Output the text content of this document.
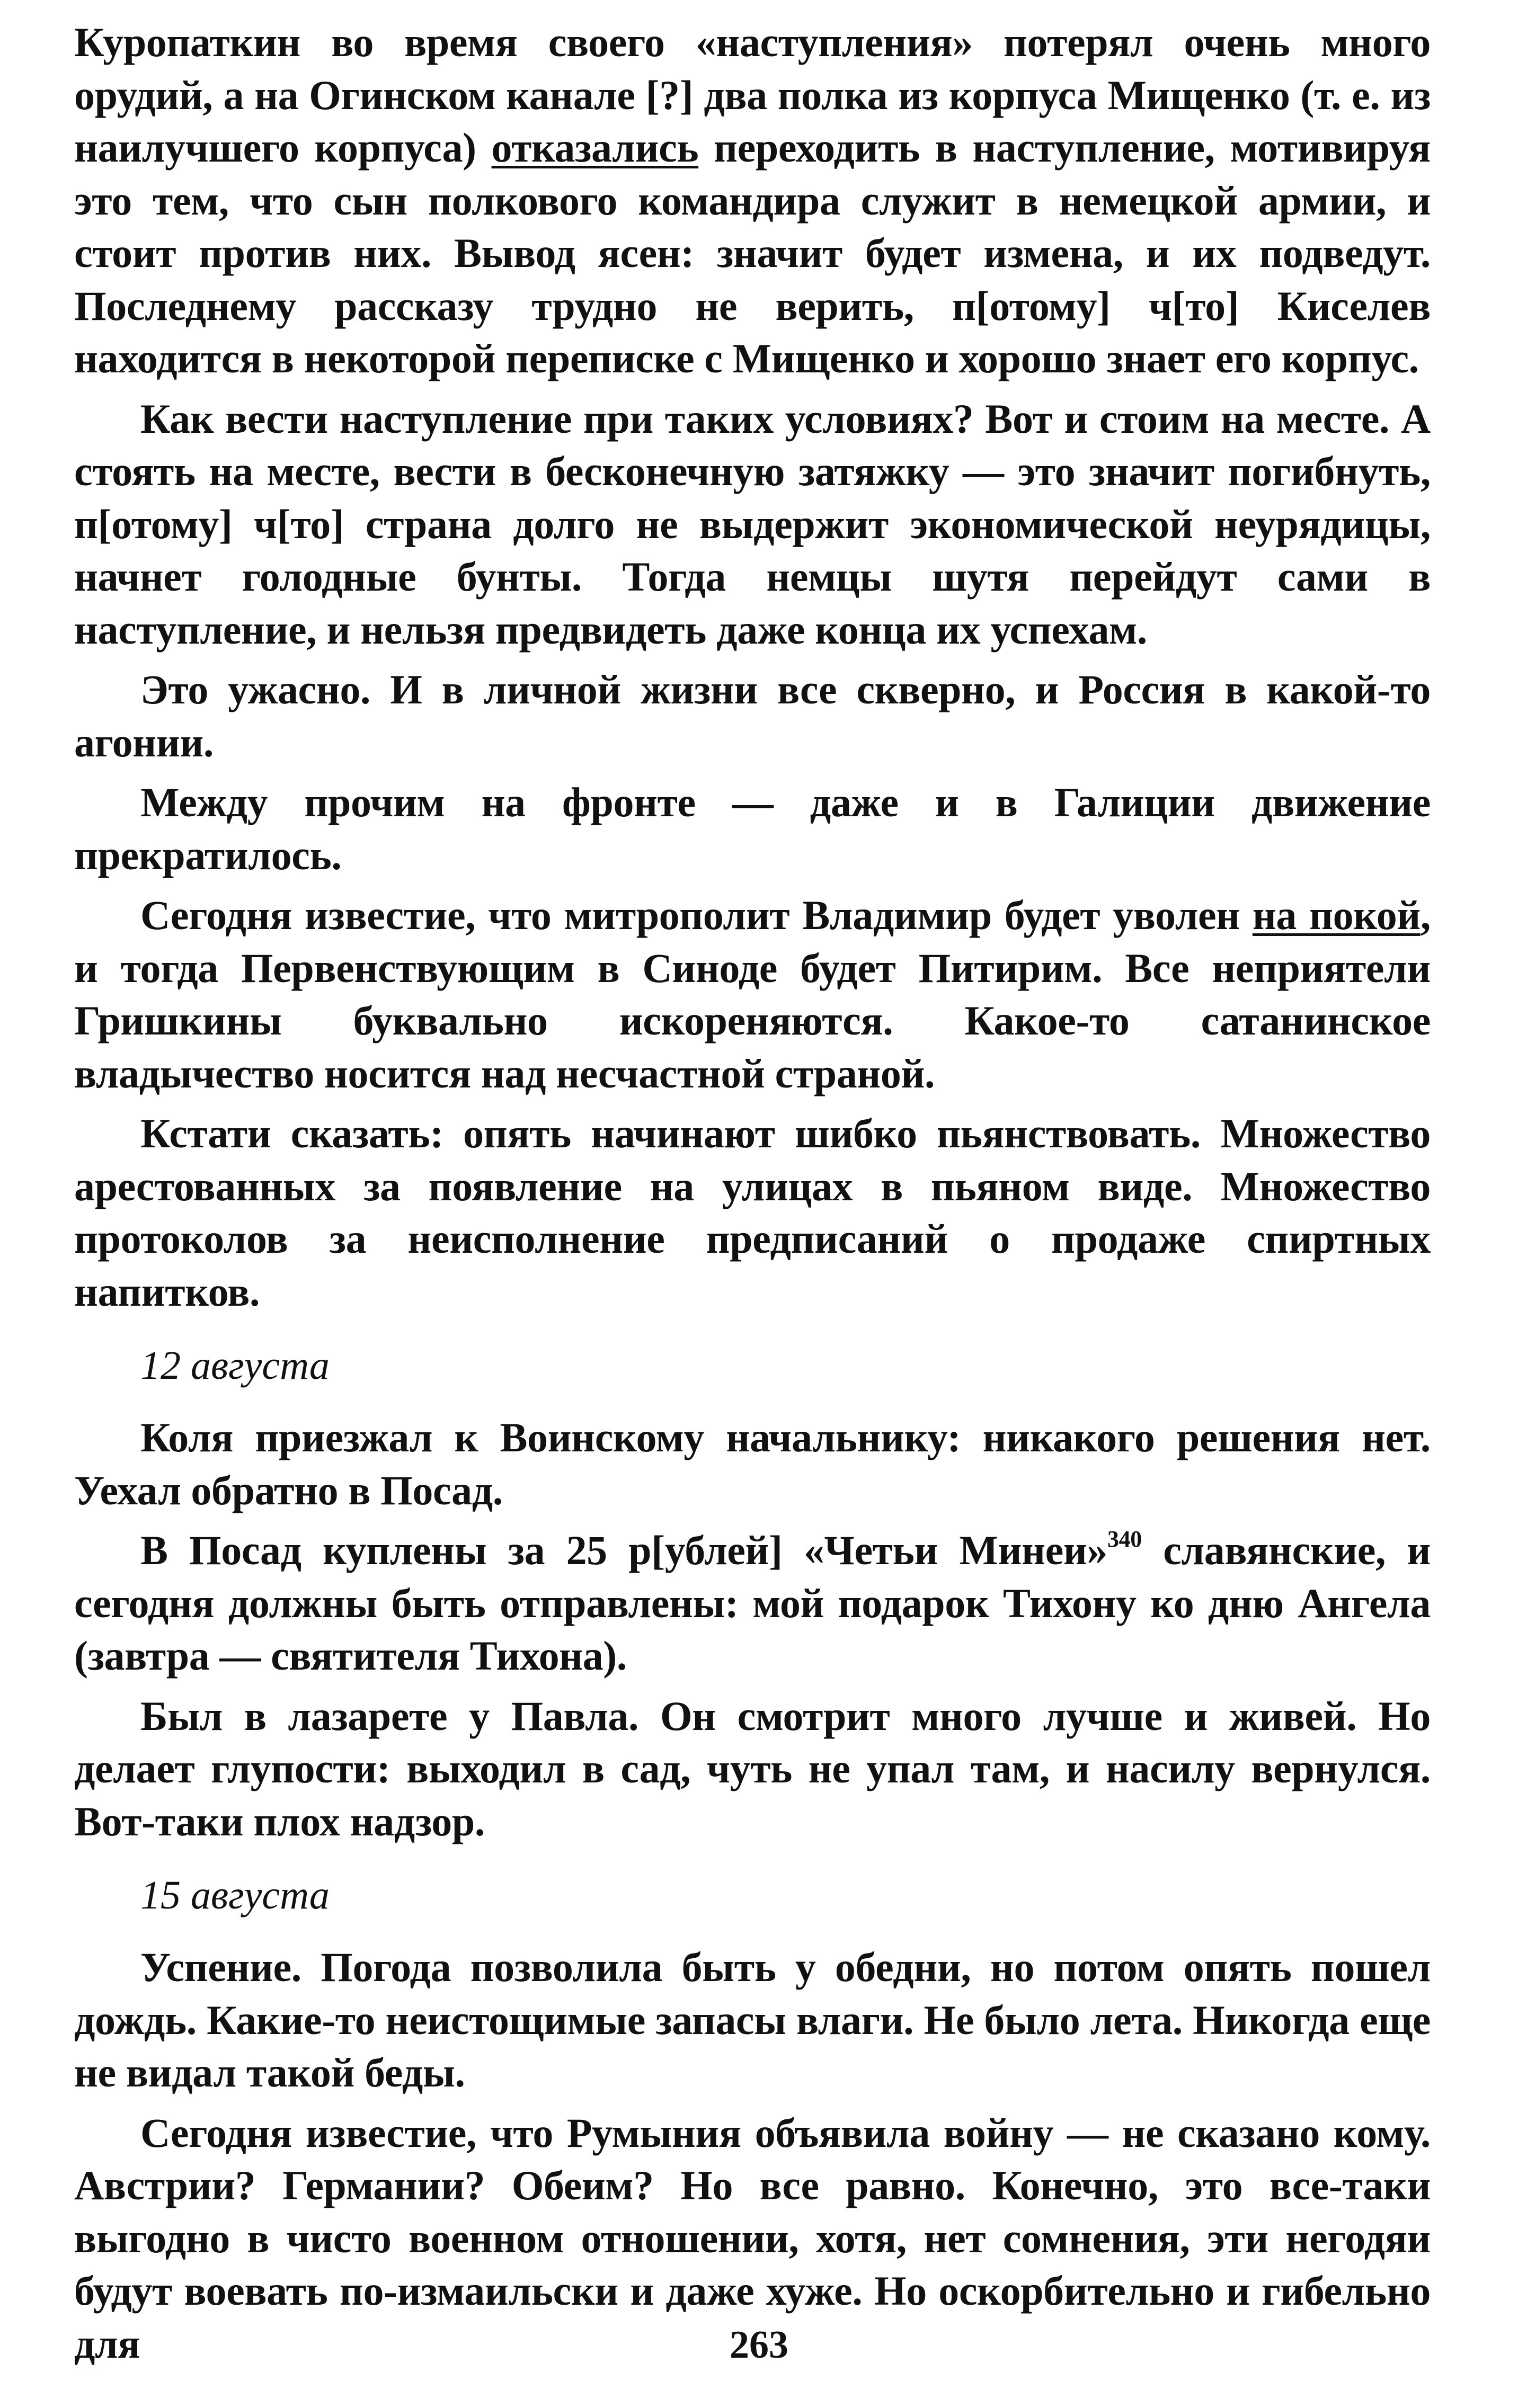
Куропаткин во время своего «наступления» потерял очень много орудий, а на Огинском канале [?] два полка из корпуса Мищенко (т. е. из наилучшего корпуса) отказались переходить в наступление, мотивируя это тем, что сын полкового командира служит в немецкой армии, и стоит против них. Вывод ясен: значит будет измена, и их подведут. Последнему рассказу трудно не верить, п[отому] ч[то] Киселев находится в некоторой переписке с Мищенко и хорошо знает его корпус.

Как вести наступление при таких условиях? Вот и стоим на месте. А стоять на месте, вести в бесконечную затяжку — это значит погибнуть, п[отому] ч[то] страна долго не выдержит экономической неурядицы, начнет голодные бунты. Тогда немцы шутя перейдут сами в наступление, и нельзя предвидеть даже конца их успехам.

Это ужасно. И в личной жизни все скверно, и Россия в какой-то агонии.

Между прочим на фронте — даже и в Галиции движение прекратилось.

Сегодня известие, что митрополит Владимир будет уволен на покой, и тогда Первенствующим в Синоде будет Питирим. Все неприятели Гришкины буквально искореняются. Какое-то сатанинское владычество носится над несчастной страной.

Кстати сказать: опять начинают шибко пьянствовать. Множество арестованных за появление на улицах в пьяном виде. Множество протоколов за неисполнение предписаний о продаже спиртных напитков.

12 августа

Коля приезжал к Воинскому начальнику: никакого решения нет. Уехал обратно в Посад.

В Посад куплены за 25 р[ублей] «Четьи Минеи»$^{340}$ славянские, и сегодня должны быть отправлены: мой подарок Тихону ко дню Ангела (завтра — святителя Тихона).

Был в лазарете у Павла. Он смотрит много лучше и живей. Но делает глупости: выходил в сад, чуть не упал там, и насилу вернулся. Вот-таки плох надзор.

15 августа

Успение. Погода позволила быть у обедни, но потом опять пошел дождь. Какие-то неистощимые запасы влаги. Не было лета. Никогда еще не видал такой беды.

Сегодня известие, что Румыния объявила войну — не сказано кому. Австрии? Германии? Обеим? Но все равно. Конечно, это все-таки выгодно в чисто военном отношении, хотя, нет сомнения, эти негодяи будут воевать по-измаильски и даже хуже. Но оскорбительно и гибельно для	263
